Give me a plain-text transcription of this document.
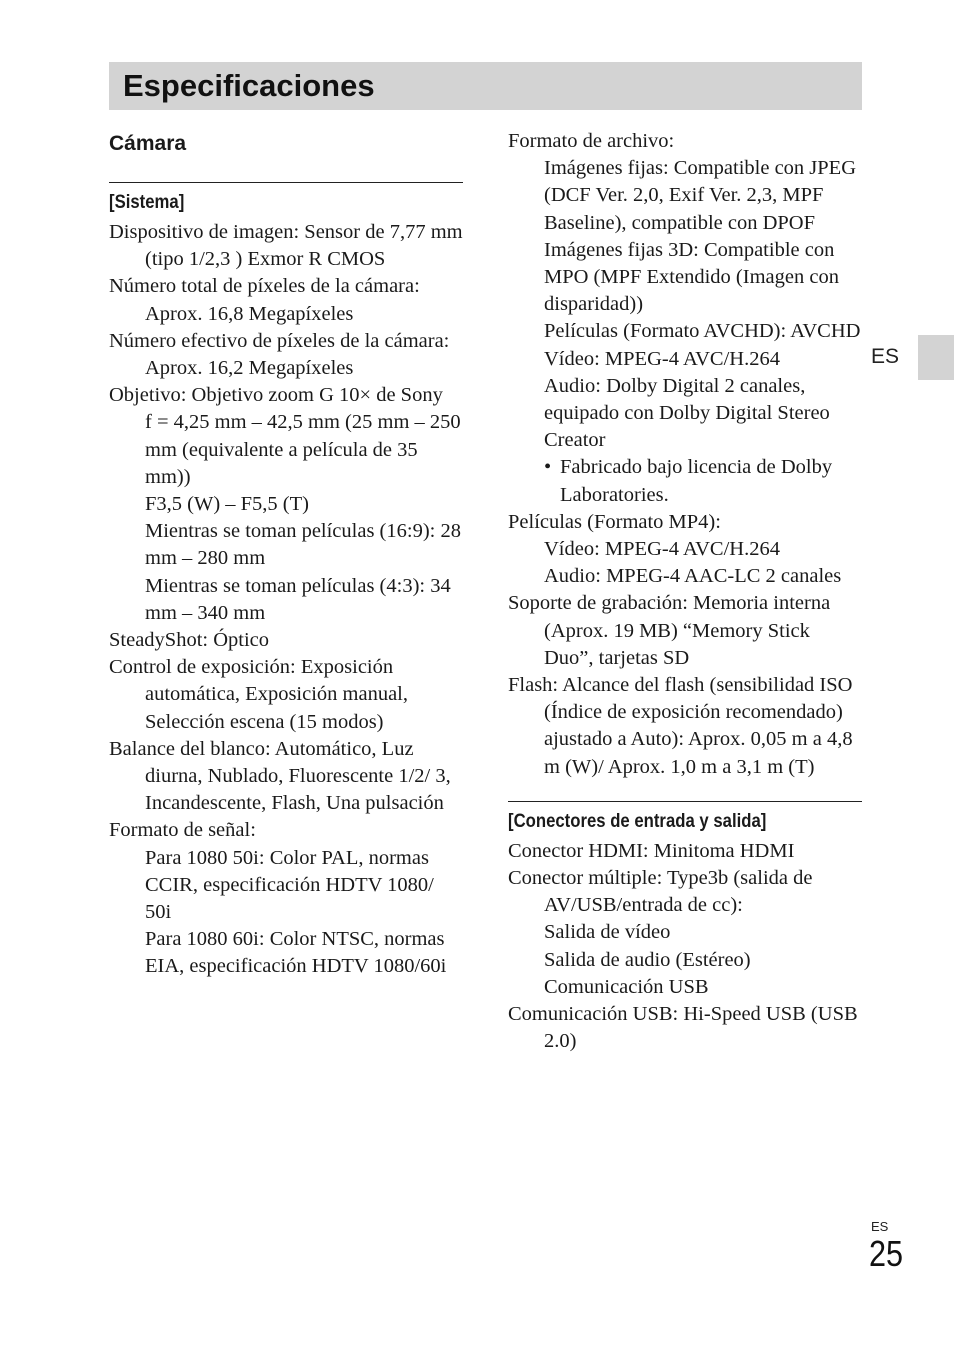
Especificaciones
ES
Cámara
[Sistema]

Dispositivo de imagen: Sensor de 7,77 mm (tipo 1/2,3 ) Exmor R CMOS

Número total de píxeles de la cámara: Aprox. 16,8 Megapíxeles

Número efectivo de píxeles de la cámara: Aprox. 16,2 Megapíxeles

Objetivo: Objetivo zoom G 10× de Sony

f = 4,25 mm – 42,5 mm (25 mm – 250 mm (equivalente a película de 35 mm))

F3,5 (W) – F5,5 (T)

Mientras se toman películas (16:9): 28 mm – 280 mm

Mientras se toman películas (4:3): 34 mm – 340 mm

SteadyShot: Óptico

Control de exposición: Exposición automática, Exposición manual, Selección escena (15 modos)

Balance del blanco: Automático, Luz diurna, Nublado, Fluorescente 1/2/ 3, Incandescente, Flash, Una pulsación

Formato de señal:

Para 1080 50i: Color PAL, normas CCIR, especificación HDTV 1080/ 50i

Para 1080 60i: Color NTSC, normas EIA, especificación HDTV 1080/60i

Formato de archivo:

Imágenes fijas: Compatible con JPEG (DCF Ver. 2,0, Exif Ver. 2,3, MPF Baseline), compatible con DPOF

Imágenes fijas 3D: Compatible con MPO (MPF Extendido (Imagen con disparidad))

Películas (Formato AVCHD): AVCHD

Vídeo: MPEG-4 AVC/H.264

Audio: Dolby Digital 2 canales, equipado con Dolby Digital Stereo Creator

• Fabricado bajo licencia de Dolby Laboratories.

Películas (Formato MP4):

Vídeo: MPEG-4 AVC/H.264

Audio: MPEG-4 AAC-LC 2 canales

Soporte de grabación: Memoria interna (Aprox. 19 MB) “Memory Stick Duo”, tarjetas SD

Flash: Alcance del flash (sensibilidad ISO (Índice de exposición recomendado) ajustado a Auto): Aprox. 0,05 m a 4,8 m (W)/ Aprox. 1,0 m a 3,1 m (T)

[Conectores de entrada y salida]

Conector HDMI: Minitoma HDMI

Conector múltiple: Type3b (salida de AV/USB/entrada de cc):

Salida de vídeo

Salida de audio (Estéreo)

Comunicación USB

Comunicación USB: Hi-Speed USB (USB 2.0)

ES
25
